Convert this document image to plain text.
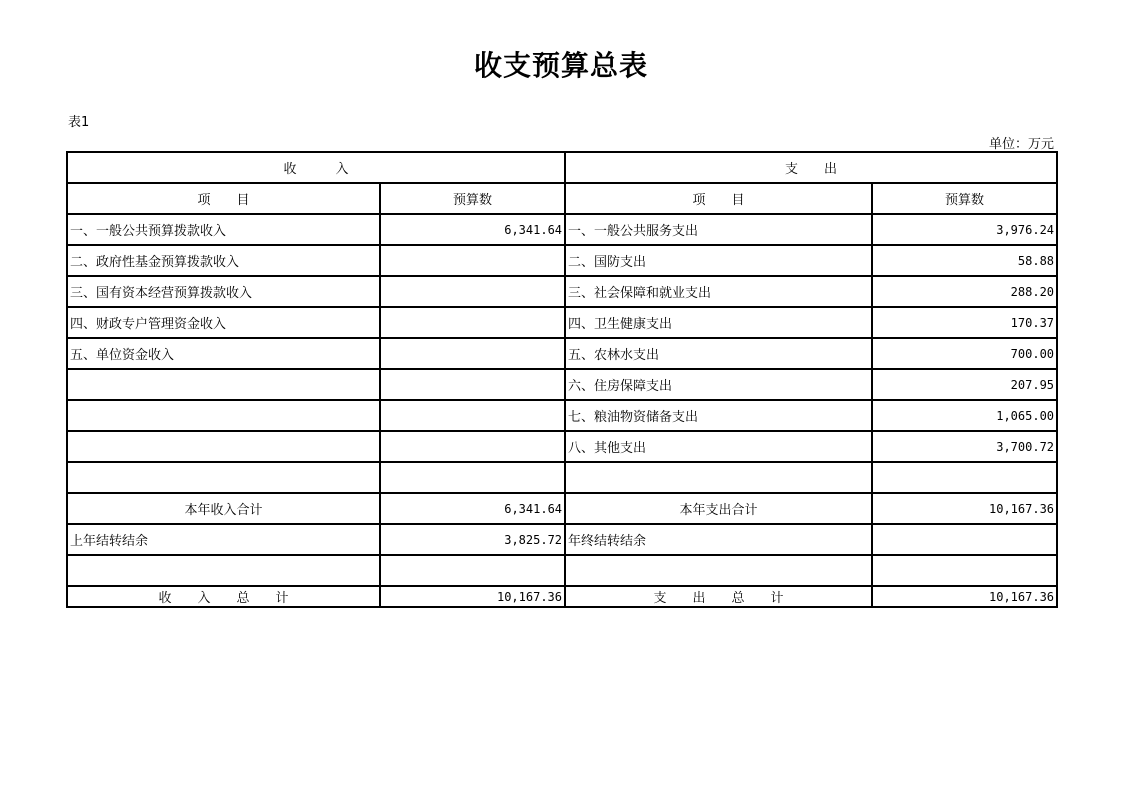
收支预算总表
表1
单位：万元
收　　　入		支　　出	
项　　目	预算数	项　　目	预算数
一、一般公共预算拨款收入	6,341.64	一、一般公共服务支出	3,976.24
二、政府性基金预算拨款收入		二、国防支出	58.88
三、国有资本经营预算拨款收入		三、社会保障和就业支出	288.20
四、财政专户管理资金收入		四、卫生健康支出	170.37
五、单位资金收入		五、农林水支出	700.00
		六、住房保障支出	207.95
		七、粮油物资储备支出	1,065.00
		八、其他支出	3,700.72

本年收入合计	6,341.64	本年支出合计	10,167.36
上年结转结余	3,825.72	年终结转结余	

收　　入　　总　　计	10,167.36	支　　出　　总　　计	10,167.36
